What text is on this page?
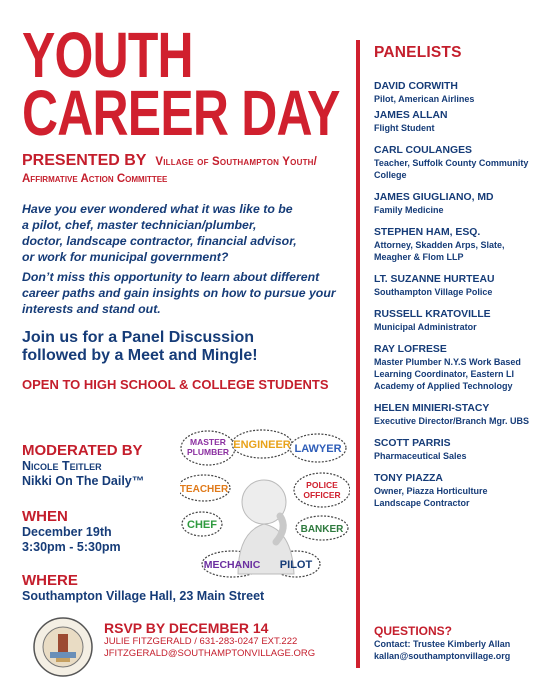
YOUTH
CAREER DAY
PRESENTED BY Village of Southampton Youth/
Affirmative Action Committee
Have you ever wondered what it was like to be
a pilot, chef, master technician/plumber,
doctor, landscape contractor, financial advisor,
or work for municipal government?
Don’t miss this opportunity to learn about different
career paths and gain insights on how to pursue your
interests and stand out.
Join us for a Panel Discussion
followed by a Meet and Mingle!
OPEN TO HIGH SCHOOL & COLLEGE STUDENTS
MODERATED BY
Nicole Teitler
Nikki On The Daily™
WHEN
December 19th
3:30pm - 5:30pm
WHERE
Southampton Village Hall, 23 Main Street
MASTER
PLUMBER
ENGINEER LAWYER
TEACHER	POLICE
OFFICER
CHEF	BANKER
MECHANIC PILOT
RSVP BY DECEMBER 14
JULIE FITZGERALD / 631-283-0247 EXT.222
JFITZGERALD@SOUTHAMPTONVILLAGE.ORG
PANELISTS
DAVID CORWITH
Pilot, American Airlines
JAMES ALLAN
Flight Student
CARL COULANGES
Teacher, Suffolk County Community College
JAMES GIUGLIANO, MD
Family Medicine
STEPHEN HAM, ESQ.
Attorney, Skadden Arps, Slate, Meagher & Flom LLP
LT. SUZANNE HURTEAU
Southampton Village Police
RUSSELL KRATOVILLE
Municipal Administrator
RAY LOFRESE
Master Plumber N.Y.S Work Based Learning Coordinator, Eastern LI Academy of Applied Technology
HELEN MINIERI-STACY
Executive Director/Branch Mgr. UBS
SCOTT PARRIS
Pharmaceutical Sales
TONY PIAZZA
Owner, Piazza Horticulture Landscape Contractor
QUESTIONS?
Contact: Trustee Kimberly Allan
kallan@southamptonvillage.org
